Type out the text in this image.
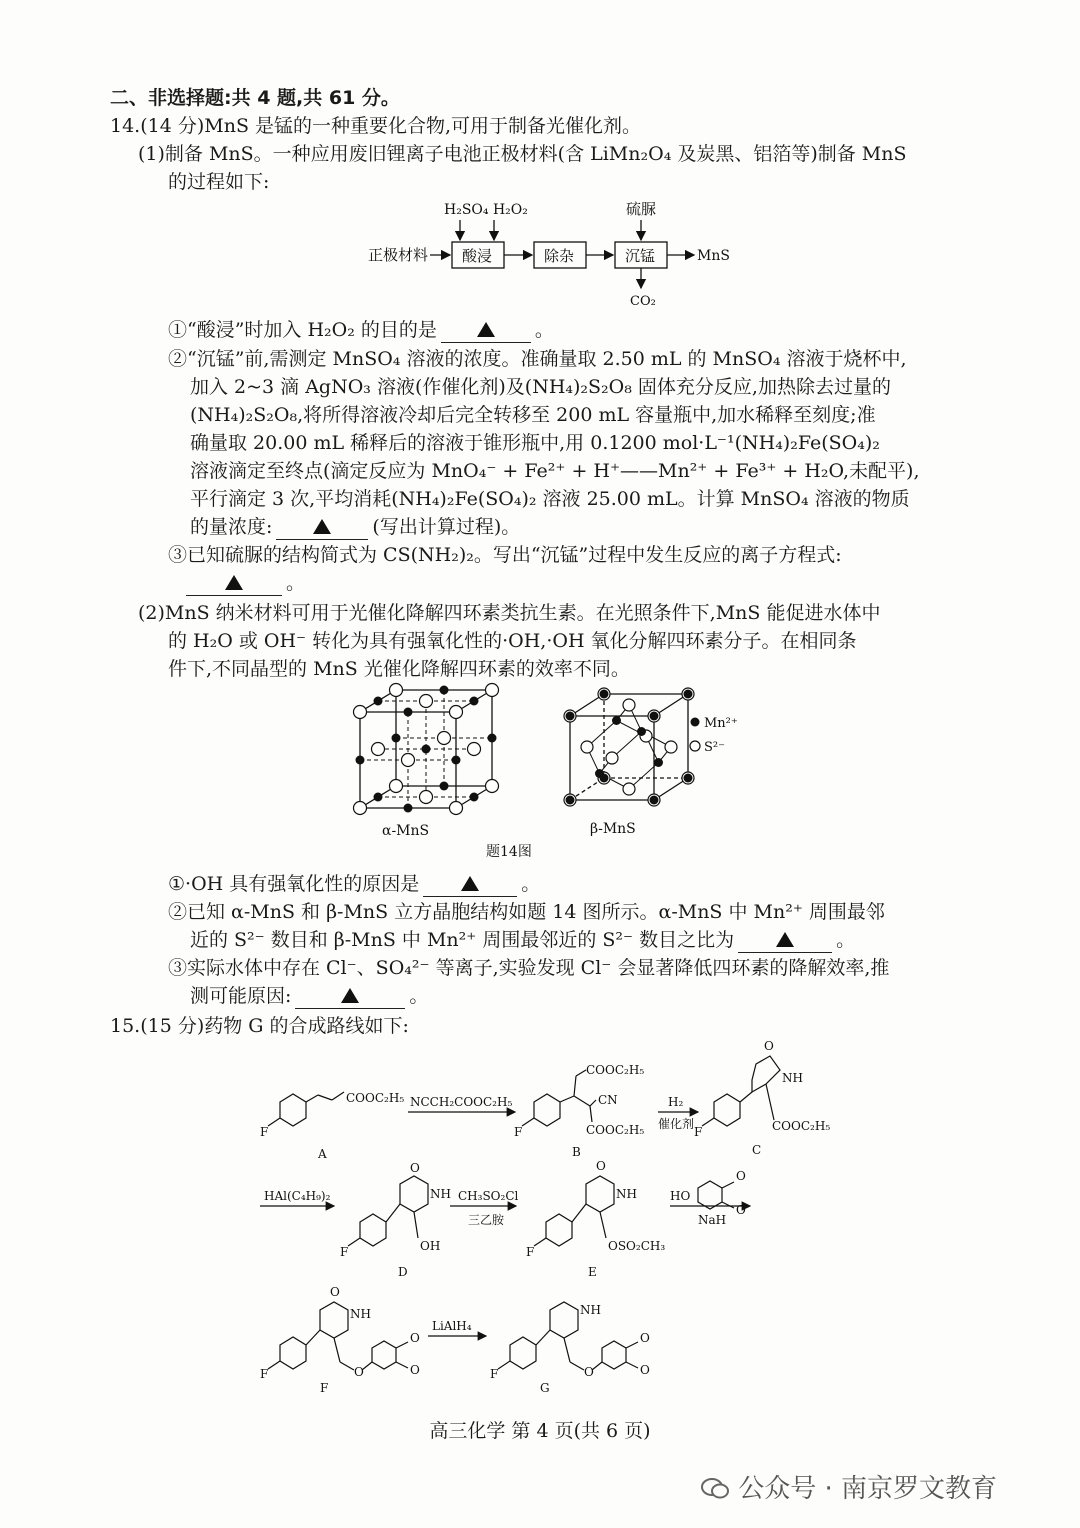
二、非选择题:共 4 题,共 61 分。
14.(14 分)MnS 是锰的一种重要化合物,可用于制备光催化剂。
(1)制备 MnS。一种应用废旧锂离子电池正极材料(含 LiMn₂O₄ 及炭黑、铝箔等)制备 MnS
的过程如下:
H₂SO₄ H₂O₂	硫脲
正极材料 酸浸	除杂	沉锰	MnS
CO₂
①“酸浸”时加入 H₂O₂ 的目的是	。
②“沉锰”前,需测定 MnSO₄ 溶液的浓度。准确量取 2.50 mL 的 MnSO₄ 溶液于烧杯中,
加入 2~3 滴 AgNO₃ 溶液(作催化剂)及(NH₄)₂S₂O₈ 固体充分反应,加热除去过量的
(NH₄)₂S₂O₈,将所得溶液冷却后完全转移至 200 mL 容量瓶中,加水稀释至刻度;准
确量取 20.00 mL 稀释后的溶液于锥形瓶中,用 0.1200 mol·L⁻¹(NH₄)₂Fe(SO₄)₂
溶液滴定至终点(滴定反应为 MnO₄⁻ + Fe²⁺ + H⁺——Mn²⁺ + Fe³⁺ + H₂O,未配平),
平行滴定 3 次,平均消耗(NH₄)₂Fe(SO₄)₂ 溶液 25.00 mL。计算 MnSO₄ 溶液的物质
的量浓度:	(写出计算过程)。
③已知硫脲的结构简式为 CS(NH₂)₂。写出“沉锰”过程中发生反应的离子方程式:
。
(2)MnS 纳米材料可用于光催化降解四环素类抗生素。在光照条件下,MnS 能促进水体中
的 H₂O 或 OH⁻ 转化为具有强氧化性的·OH,·OH 氧化分解四环素分子。在相同条
件下,不同晶型的 MnS 光催化降解四环素的效率不同。
Mn²⁺
S²⁻
α-MnS	β-MnS
题14图
①·OH 具有强氧化性的原因是	。
②已知 α-MnS 和 β-MnS 立方晶胞结构如题 14 图所示。α-MnS 中 Mn²⁺ 周围最邻
近的 S²⁻ 数目和 β-MnS 中 Mn²⁺ 周围最邻近的 S²⁻ 数目之比为	。
③实际水体中存在 Cl⁻、SO₄²⁻ 等离子,实验发现 Cl⁻ 会显著降低四环素的降解效率,推
测可能原因:	。
15.(15 分)药物 G 的合成路线如下:
COOC₂H₅
F
A
NCCH₂COOC₂H₅
COOC₂H₅
CN
COOC₂H₅
F
B
H₂
催化剂
O
NH
COOC₂H₅
F
C
HAl(C₄H₉)₂
O
NH
OH
F
D
CH₃SO₂Cl
三乙胺
O
NH
OSO₂CH₃
F
E
HO
O
O
NaH
O
NH
O
O
O
F
F
LiAlH₄
NH
O
O
O
F
G
高三化学 第 4 页(共 6 页)
公众号 · 南京罗文教育
